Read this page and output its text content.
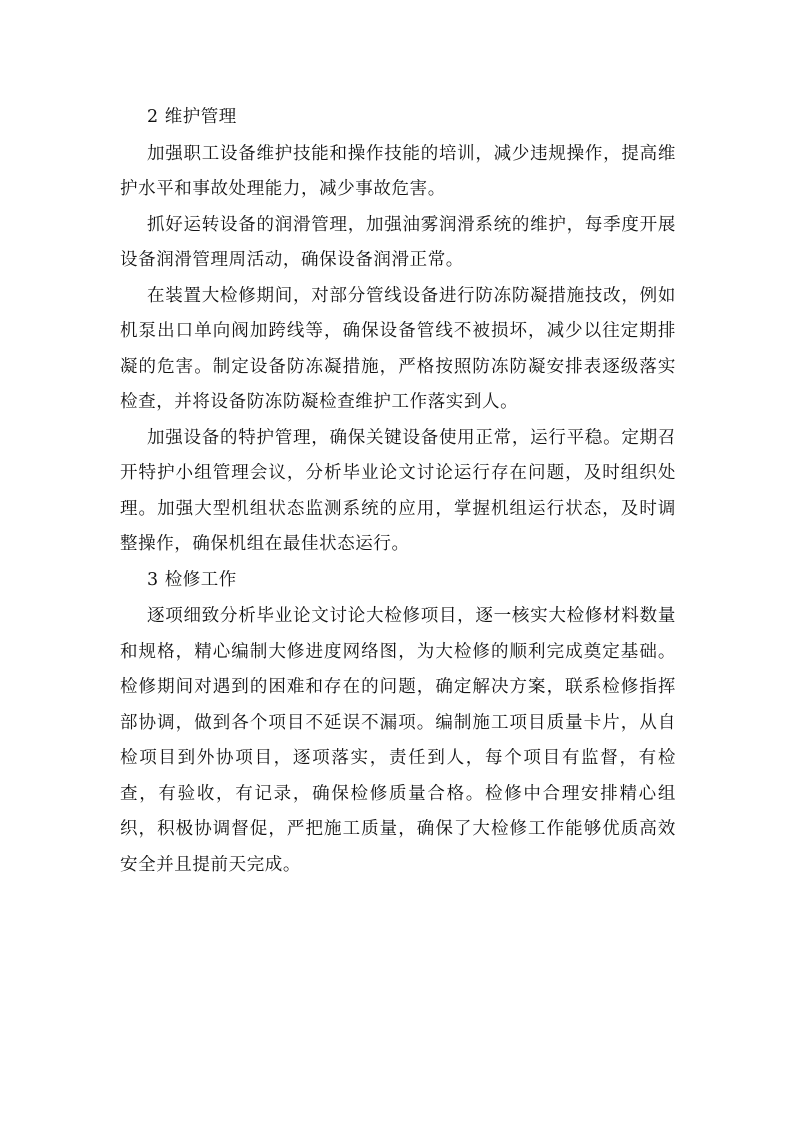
2 维护管理

加强职工设备维护技能和操作技能的培训，减少违规操作，提高维护水平和事故处理能力，减少事故危害。

抓好运转设备的润滑管理，加强油雾润滑系统的维护，每季度开展设备润滑管理周活动，确保设备润滑正常。

在装置大检修期间，对部分管线设备进行防冻防凝措施技改，例如机泵出口单向阀加跨线等，确保设备管线不被损坏，减少以往定期排凝的危害。制定设备防冻凝措施，严格按照防冻防凝安排表逐级落实检查，并将设备防冻防凝检查维护工作落实到人。

加强设备的特护管理，确保关键设备使用正常，运行平稳。定期召开特护小组管理会议，分析毕业论文讨论运行存在问题，及时组织处理。加强大型机组状态监测系统的应用，掌握机组运行状态，及时调整操作，确保机组在最佳状态运行。

3 检修工作

逐项细致分析毕业论文讨论大检修项目，逐一核实大检修材料数量和规格，精心编制大修进度网络图，为大检修的顺利完成奠定基础。检修期间对遇到的困难和存在的问题，确定解决方案，联系检修指挥部协调，做到各个项目不延误不漏项。编制施工项目质量卡片，从自检项目到外协项目，逐项落实，责任到人，每个项目有监督，有检查，有验收，有记录，确保检修质量合格。检修中合理安排精心组织，积极协调督促，严把施工质量，确保了大检修工作能够优质高效安全并且提前天完成。
